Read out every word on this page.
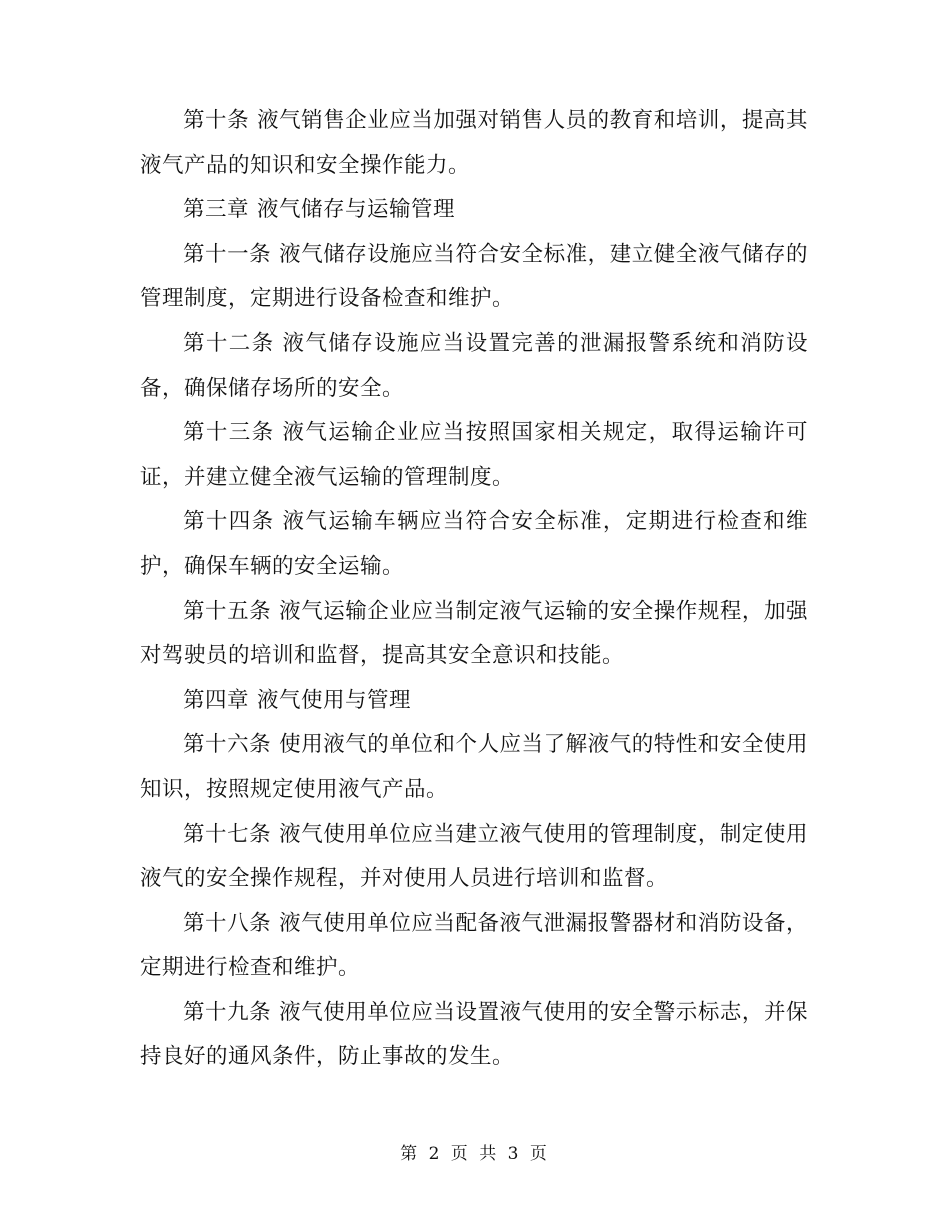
第十条 液气销售企业应当加强对销售人员的教育和培训，提高其液气产品的知识和安全操作能力。

第三章 液气储存与运输管理

第十一条 液气储存设施应当符合安全标准，建立健全液气储存的管理制度，定期进行设备检查和维护。

第十二条 液气储存设施应当设置完善的泄漏报警系统和消防设备，确保储存场所的安全。

第十三条 液气运输企业应当按照国家相关规定，取得运输许可证，并建立健全液气运输的管理制度。

第十四条 液气运输车辆应当符合安全标准，定期进行检查和维护，确保车辆的安全运输。

第十五条 液气运输企业应当制定液气运输的安全操作规程，加强对驾驶员的培训和监督，提高其安全意识和技能。

第四章 液气使用与管理

第十六条 使用液气的单位和个人应当了解液气的特性和安全使用知识，按照规定使用液气产品。

第十七条 液气使用单位应当建立液气使用的管理制度，制定使用液气的安全操作规程，并对使用人员进行培训和监督。

第十八条 液气使用单位应当配备液气泄漏报警器材和消防设备，定期进行检查和维护。

第十九条 液气使用单位应当设置液气使用的安全警示标志，并保持良好的通风条件，防止事故的发生。

第 2 页 共 3 页
